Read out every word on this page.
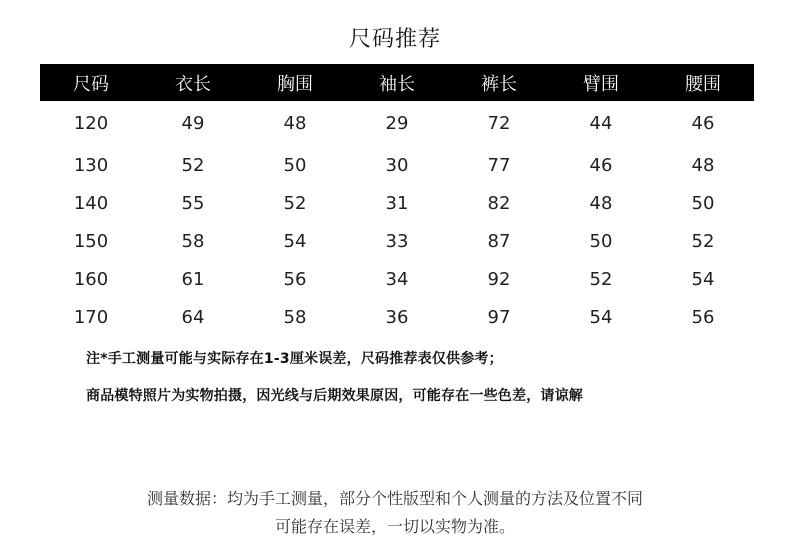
尺码推荐
尺码	衣长	胸围	袖长	裤长	臂围	腰围
120	49	48	29	72	44	46
130	52	50	30	77	46	48
140	55	52	31	82	48	50
150	58	54	33	87	50	52
160	61	56	34	92	52	54
170	64	58	36	97	54	56
注*手工测量可能与实际存在1-3厘米误差，尺码推荐表仅供参考；
商品模特照片为实物拍摄，因光线与后期效果原因，可能存在一些色差，请谅解
测量数据：均为手工测量，部分个性版型和个人测量的方法及位置不同
可能存在误差，一切以实物为准。
